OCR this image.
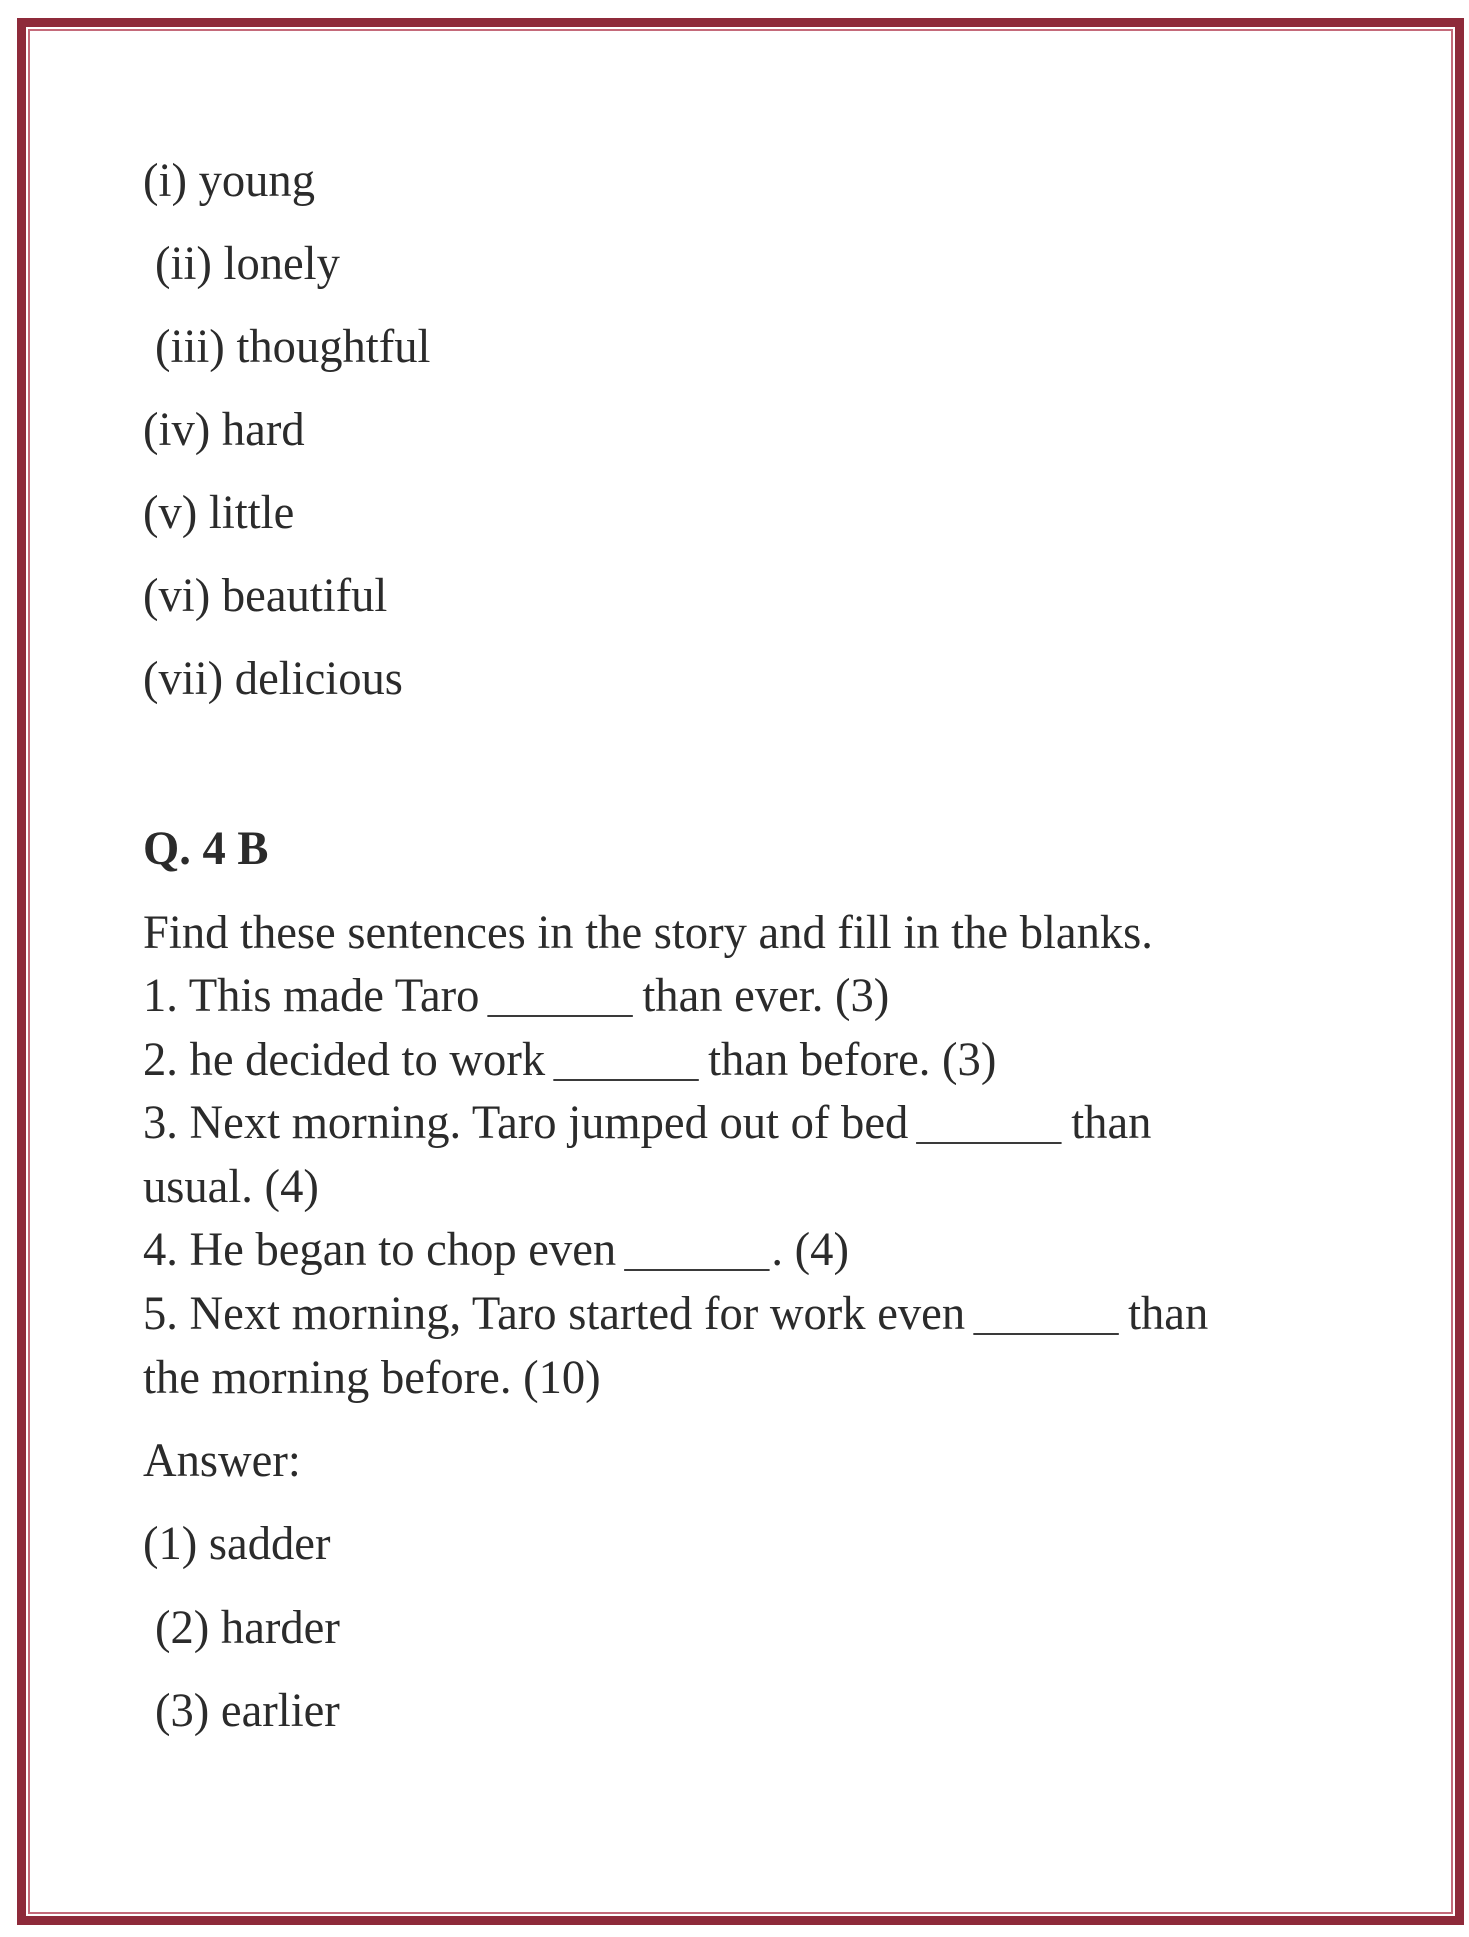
(i) young
(ii) lonely
(iii) thoughtful
(iv) hard
(v) little
(vi) beautiful
(vii) delicious
Q. 4 B
Find these sentences in the story and fill in the blanks.
1. This made Taro	than ever. (3)
2. he decided to work	than before. (3)
3. Next morning. Taro jumped out of bed	than
usual. (4)
4. He began to chop even	. (4)
5. Next morning, Taro started for work even	than
the morning before. (10)
Answer:
(1) sadder
(2) harder
(3) earlier
